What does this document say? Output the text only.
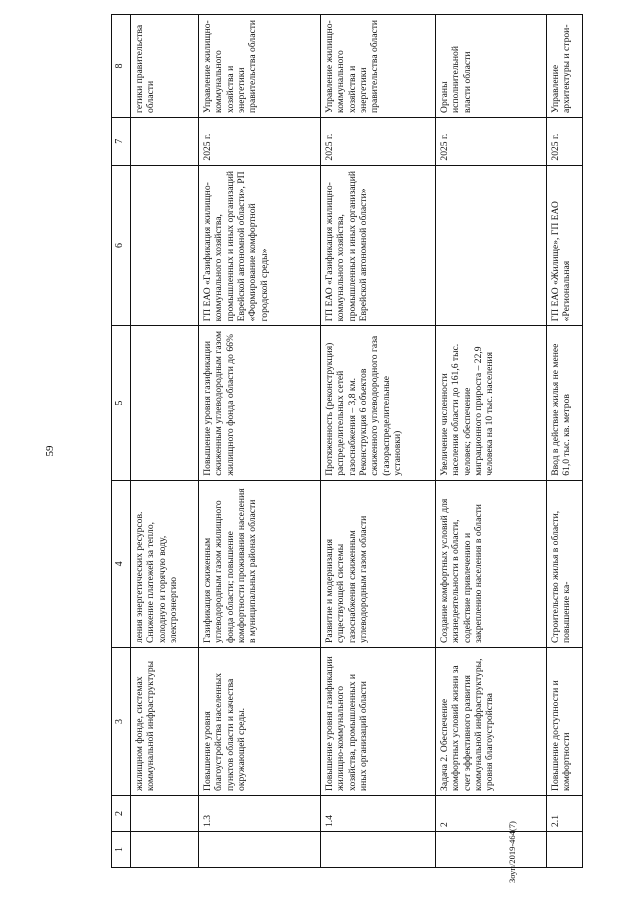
59
1	2	3	4	5	6	7	8
		жилищном фонде, системах коммунальной инфраструктуры	ления энергетических ресурсов. Снижение платежей за тепло, холодную и горячую воду, электроэнергию				гетики правительства области
	1.3	Повышение уровня благоустройства населенных пунктов области и качества окружающей среды.	Газификация сжиженным углеводородным газом жилищного фонда области; повышение комфортности проживания населения в муниципальных районах области	Повышение уровня газификации сжиженным углеводородным газом жилищного фонда области до 66%	ГП ЕАО «Газификация жилищно-коммунального хозяйства, промышленных и иных организаций Еврейской автономной области», РП «Формирование комфортной городской среды»	2025 г.	Управление жилищно-коммунального хозяйства и энергетики правительства области
	1.4	Повышение уровня газификации жилищно-коммунального хозяйства, промышленных и иных организаций области	Развитие и модернизация существующей системы газоснабжения сжиженным углеводородным газом области	Протяженность (реконструкция) распределительных сетей газоснабжения – 3,8 км. Реконструкция 6 объектов сжиженного углеводородного газа (газораспределительные установки)	ГП ЕАО «Газификация жилищно-коммунального хозяйства, промышленных и иных организаций Еврейской автономной области»	2025 г.	Управление жилищно-коммунального хозяйства и энергетики правительства области
	2	Задача 2. Обеспечение комфортных условий жизни за счет эффективного развития коммунальной инфраструктуры, уровня благоустройства	Создание комфортных условий для жизнедеятельности в области, содействие привлечению и закреплению населения в области	Увеличение численности населения области до 161,6 тыс. человек; обеспечение миграционного прироста – 22,9 человека на 10 тыс. населения		2025 г.	Органы исполнительной власти области
	2.1	Повышение доступности и комфортности	Строительство жилья в области, повышение ка-	Ввод в действие жилья не менее 61,0 тыс. кв. метров	ГП ЕАО «Жилище», ГП ЕАО «Региональная	2025 г.	Управление архитектуры и строи-
Зоуп/2019-464(7)
